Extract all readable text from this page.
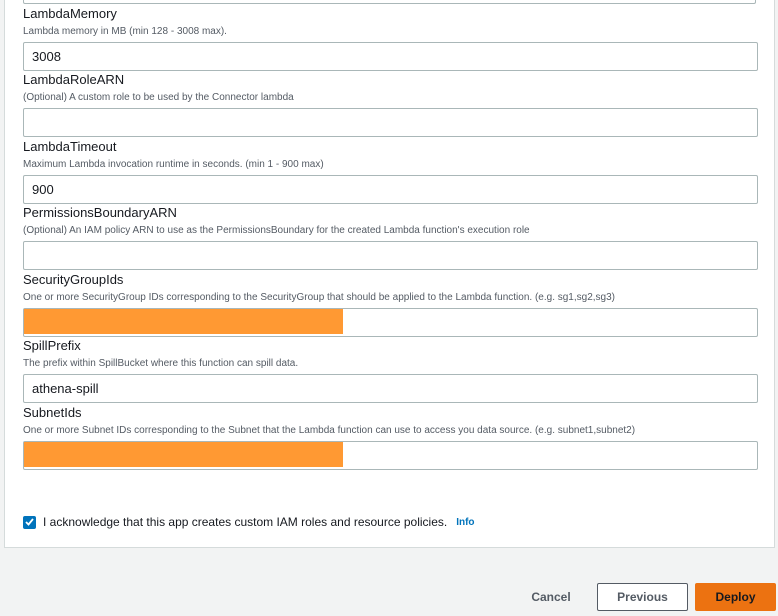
LambdaMemory
Lambda memory in MB (min 128 - 3008 max).
3008
LambdaRoleARN
(Optional) A custom role to be used by the Connector lambda
LambdaTimeout
Maximum Lambda invocation runtime in seconds. (min 1 - 900 max)
900
PermissionsBoundaryARN
(Optional) An IAM policy ARN to use as the PermissionsBoundary for the created Lambda function's execution role
SecurityGroupIds
One or more SecurityGroup IDs corresponding to the SecurityGroup that should be applied to the Lambda function. (e.g. sg1,sg2,sg3)
SpillPrefix
The prefix within SpillBucket where this function can spill data.
athena-spill
SubnetIds
One or more Subnet IDs corresponding to the Subnet that the Lambda function can use to access you data source. (e.g. subnet1,subnet2)
I acknowledge that this app creates custom IAM roles and resource policies. Info
Cancel	Previous	Deploy
